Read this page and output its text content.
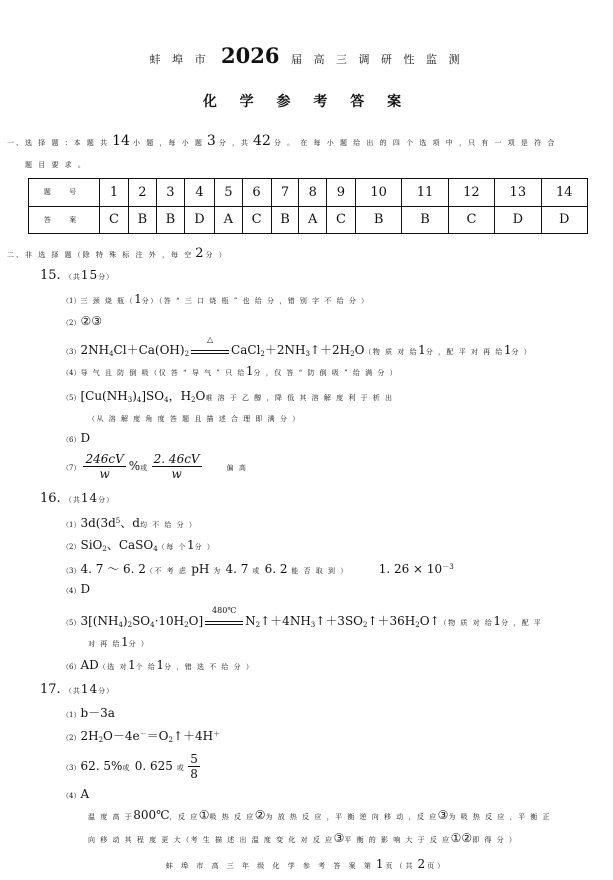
蚌 埠 市 2026 届 高 三 调 研 性 监 测
化 学 参 考 答 案
一、选 择 题 ：本 题 共 14 小 题 ，每 小 题 3 分 ，共 42 分 。 在 每 小 题 给 出 的 四 个 选 项 中 ，只 有 一 项 是 符 合
题 目 要 求 。
题 号	1	2	3	4	5	6	7	8	9	10	11	12	13	14
答 案	C	B	B	D	A	C	B	A	C	B	B	C	D	D
二、非 选 择 题（除 特 殊 标 注 外 ，每 空 2 分 ）
15. （共15分）
（1）三 颈 烧 瓶（1分）（答 “ 三 口 烧 瓶 ” 也 给 分 ，错 别 字 不 给 分 ）
（2）②③
$(3)2NH_4Cl+Ca(OH)_2$
△
$CaCl_2+2NH_3↑+2H_2O$（物 质 对 给1分 ，配 平 对 再 给1分 ）
（4）导 气 且 防 倒 吸（仅 答 “ 导 气 ” 只 给1分 ，仅 答 “ 防 倒 吸 ” 给 满 分 ）
$(5)[Cu(NH_3)_4]SO_4$，$H_2O$难 溶 于 乙 醇 ，降 低 其 溶 解 度 利 于 析 出
（从 溶 解 度 角 度 答 题 且 描 述 合 理 即 满 分 ）
（6）D
$(7) \frac{246cV}{w}$ %或 $\frac{2. 46cV}{w}$	偏 高
16. （共14分）
$(1)3d(3d^5$、d均 不 给 分 ）
（2）SiO$_2$、CaSO$_4$（每 个1分 ）
（3）4. 7 ～ 6. 2（不 考 虑 pH 为 4. 7 或 6. 2 能 否 取 到 ）	1. $26 \times 10^{-3}$
（4）D
$(5)3[(NH_4)_2SO_4\cdot 10H_2O]$
480℃
$N_2↑+4NH_3↑+3SO_2↑+36H_2O↑$（物 质 对 给1分 ，配 平
对 再 给1分 ）
（6）AD（选 对1个 给1分 ，错 选 不 给 分 ）
17. （共14分）
（1）b－3a
$(2)2H_2O-4e^-=O_2↑+4H^+$
（3）62. 5%或 0. 625 或 $\frac{5}{8}$
（4）A
温 度 高 于800℃，反 应①吸 热 反 应②为 放 热 反 应 ，平 衡 逆 向 移 动 ，反 应③为 吸 热 反 应 ，平 衡 正
向 移 动 其 程 度 更 大（考 生 描 述 出 温 度 变 化 对 反 应③平 衡 的 影 响 大 于 反 应①②即 得 分 ）
蚌 埠 市 高 三 年 级 化 学 参 考 答 案 第 1 页（共 2 页）
